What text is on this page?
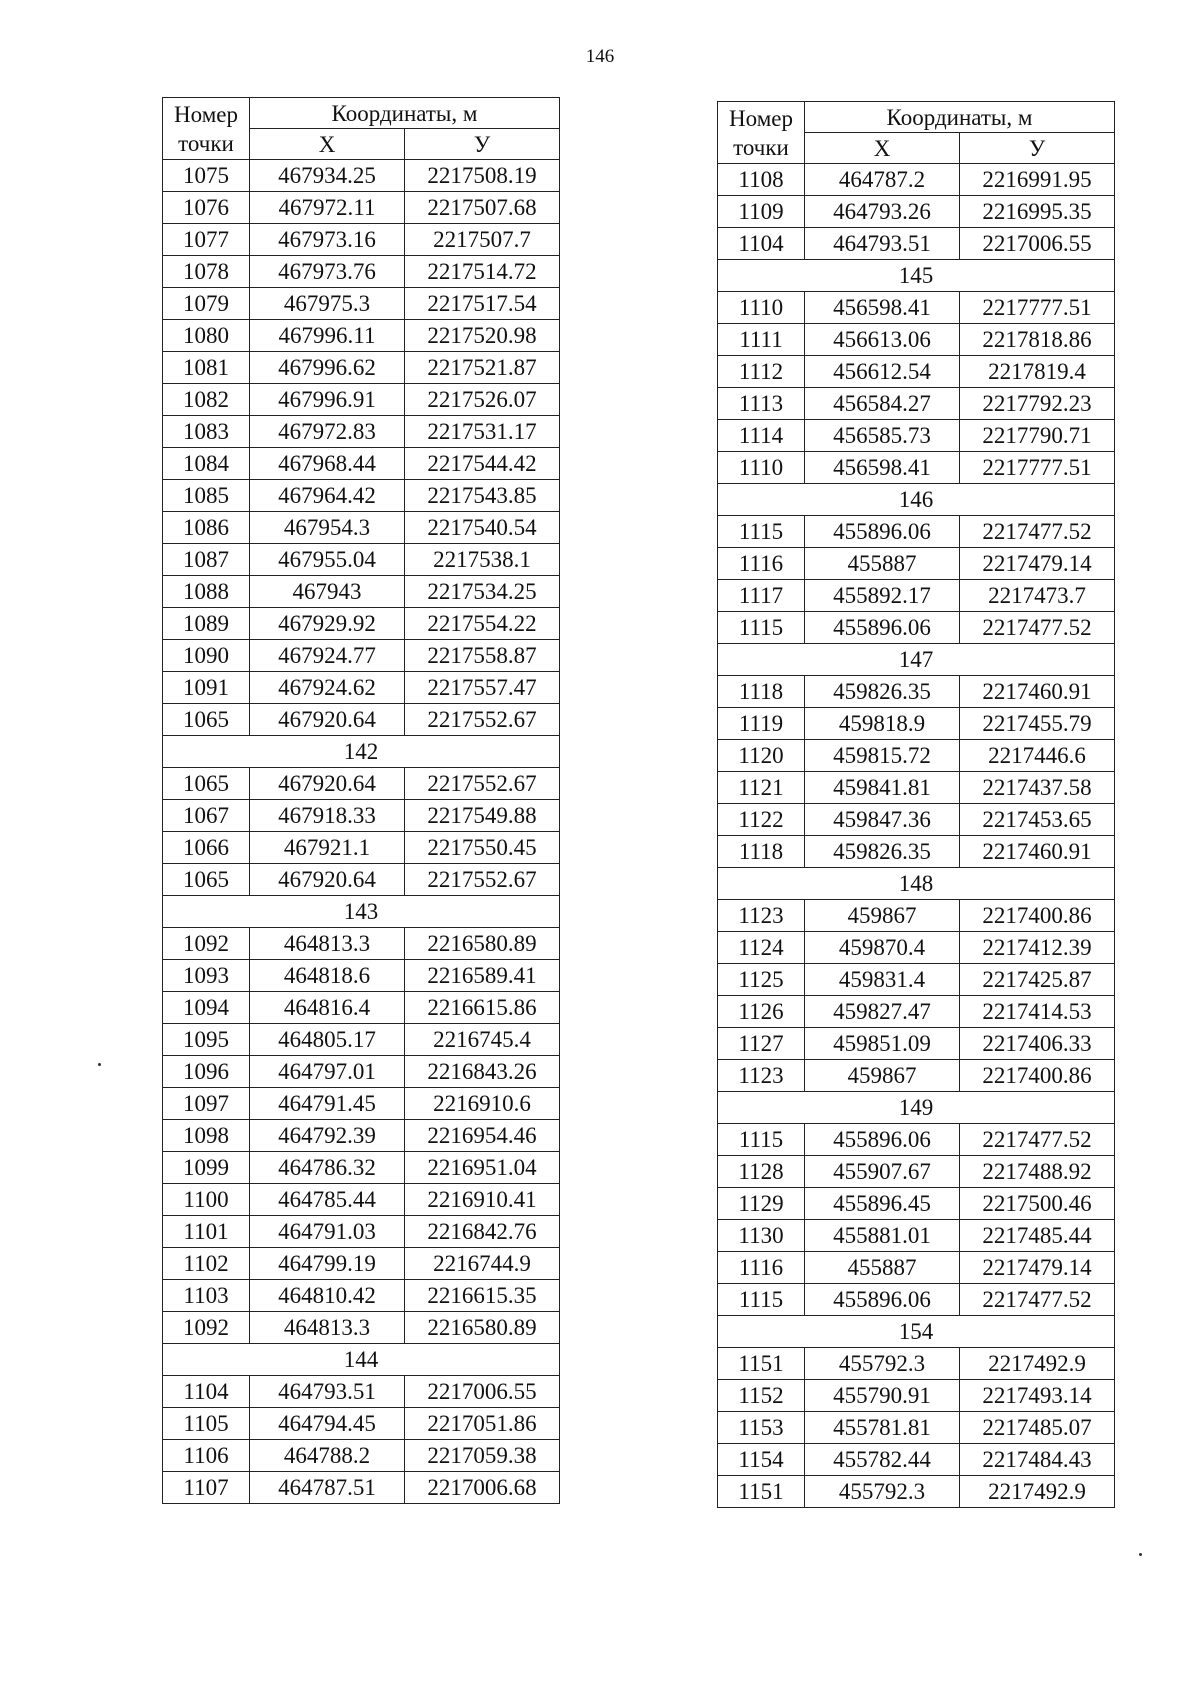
146
Номер
точки	Координаты, м	
	X	У
1075	467934.25	2217508.19
1076	467972.11	2217507.68
1077	467973.16	2217507.7
1078	467973.76	2217514.72
1079	467975.3	2217517.54
1080	467996.11	2217520.98
1081	467996.62	2217521.87
1082	467996.91	2217526.07
1083	467972.83	2217531.17
1084	467968.44	2217544.42
1085	467964.42	2217543.85
1086	467954.3	2217540.54
1087	467955.04	2217538.1
1088	467943	2217534.25
1089	467929.92	2217554.22
1090	467924.77	2217558.87
1091	467924.62	2217557.47
1065	467920.64	2217552.67
142		
1065	467920.64	2217552.67
1067	467918.33	2217549.88
1066	467921.1	2217550.45
1065	467920.64	2217552.67
143		
1092	464813.3	2216580.89
1093	464818.6	2216589.41
1094	464816.4	2216615.86
1095	464805.17	2216745.4
1096	464797.01	2216843.26
1097	464791.45	2216910.6
1098	464792.39	2216954.46
1099	464786.32	2216951.04
1100	464785.44	2216910.41
1101	464791.03	2216842.76
1102	464799.19	2216744.9
1103	464810.42	2216615.35
1092	464813.3	2216580.89
144		
1104	464793.51	2217006.55
1105	464794.45	2217051.86
1106	464788.2	2217059.38
1107	464787.51	2217006.68
Номер
точки	Координаты, м	
	X	У
1108	464787.2	2216991.95
1109	464793.26	2216995.35
1104	464793.51	2217006.55
145		
1110	456598.41	2217777.51
1111	456613.06	2217818.86
1112	456612.54	2217819.4
1113	456584.27	2217792.23
1114	456585.73	2217790.71
1110	456598.41	2217777.51
146		
1115	455896.06	2217477.52
1116	455887	2217479.14
1117	455892.17	2217473.7
1115	455896.06	2217477.52
147		
1118	459826.35	2217460.91
1119	459818.9	2217455.79
1120	459815.72	2217446.6
1121	459841.81	2217437.58
1122	459847.36	2217453.65
1118	459826.35	2217460.91
148		
1123	459867	2217400.86
1124	459870.4	2217412.39
1125	459831.4	2217425.87
1126	459827.47	2217414.53
1127	459851.09	2217406.33
1123	459867	2217400.86
149		
1115	455896.06	2217477.52
1128	455907.67	2217488.92
1129	455896.45	2217500.46
1130	455881.01	2217485.44
1116	455887	2217479.14
1115	455896.06	2217477.52
154		
1151	455792.3	2217492.9
1152	455790.91	2217493.14
1153	455781.81	2217485.07
1154	455782.44	2217484.43
1151	455792.3	2217492.9
